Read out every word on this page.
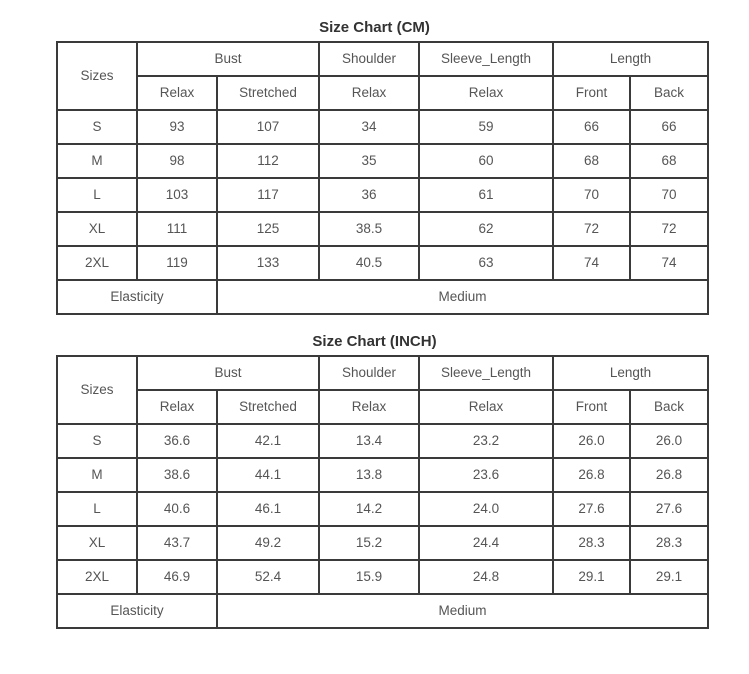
Size Chart (CM)
Sizes	Bust		Shoulder	Sleeve_Length	Length	
	Relax	Stretched	Relax	Relax	Front	Back
S	93	107	34	59	66	66
M	98	112	35	60	68	68
L	103	117	36	61	70	70
XL	111	125	38.5	62	72	72
2XL	119	133	40.5	63	74	74
Elasticity		Medium				
Size Chart (INCH)
Sizes	Bust		Shoulder	Sleeve_Length	Length	
	Relax	Stretched	Relax	Relax	Front	Back
S	36.6	42.1	13.4	23.2	26.0	26.0
M	38.6	44.1	13.8	23.6	26.8	26.8
L	40.6	46.1	14.2	24.0	27.6	27.6
XL	43.7	49.2	15.2	24.4	28.3	28.3
2XL	46.9	52.4	15.9	24.8	29.1	29.1
Elasticity		Medium				
